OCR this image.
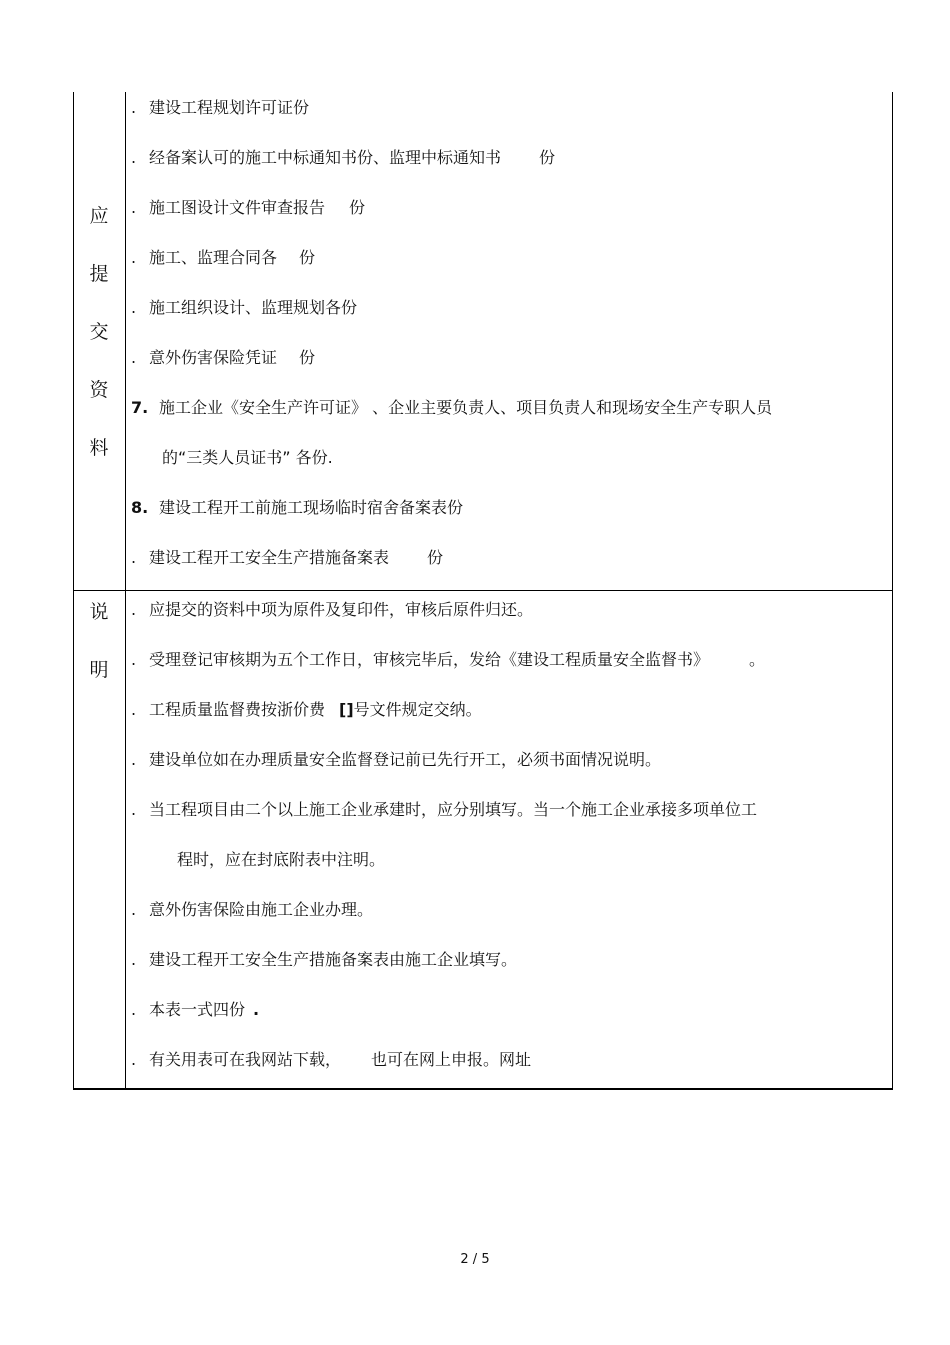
应
提
交
资
料
. 建设工程规划许可证份
. 经备案认可的施工中标通知书份、监理中标通知书 份
. 施工图设计文件审查报告 份
. 施工、监理合同各 份
. 施工组织设计、监理规划各份
. 意外伤害保险凭证 份
7. 施工企业《安全生产许可证》 、企业主要负责人、项目负责人和现场安全生产专职人员
的“三类人员证书” 各份.
8. 建设工程开工前施工现场临时宿舍备案表份
. 建设工程开工安全生产措施备案表 份
说
明
. 应提交的资料中项为原件及复印件，审核后原件归还。
. 受理登记审核期为五个工作日，审核完毕后，发给《建设工程质量安全监督书》	。
. 工程质量监督费按浙价费 []号文件规定交纳。
. 建设单位如在办理质量安全监督登记前已先行开工，必须书面情况说明。
. 当工程项目由二个以上施工企业承建时，应分别填写。当一个施工企业承接多项单位工
程时，应在封底附表中注明。
. 意外伤害保险由施工企业办理。
. 建设工程开工安全生产措施备案表由施工企业填写。
. 本表一式四份 .
. 有关用表可在我网站下载， 也可在网上申报。网址
2 / 5
